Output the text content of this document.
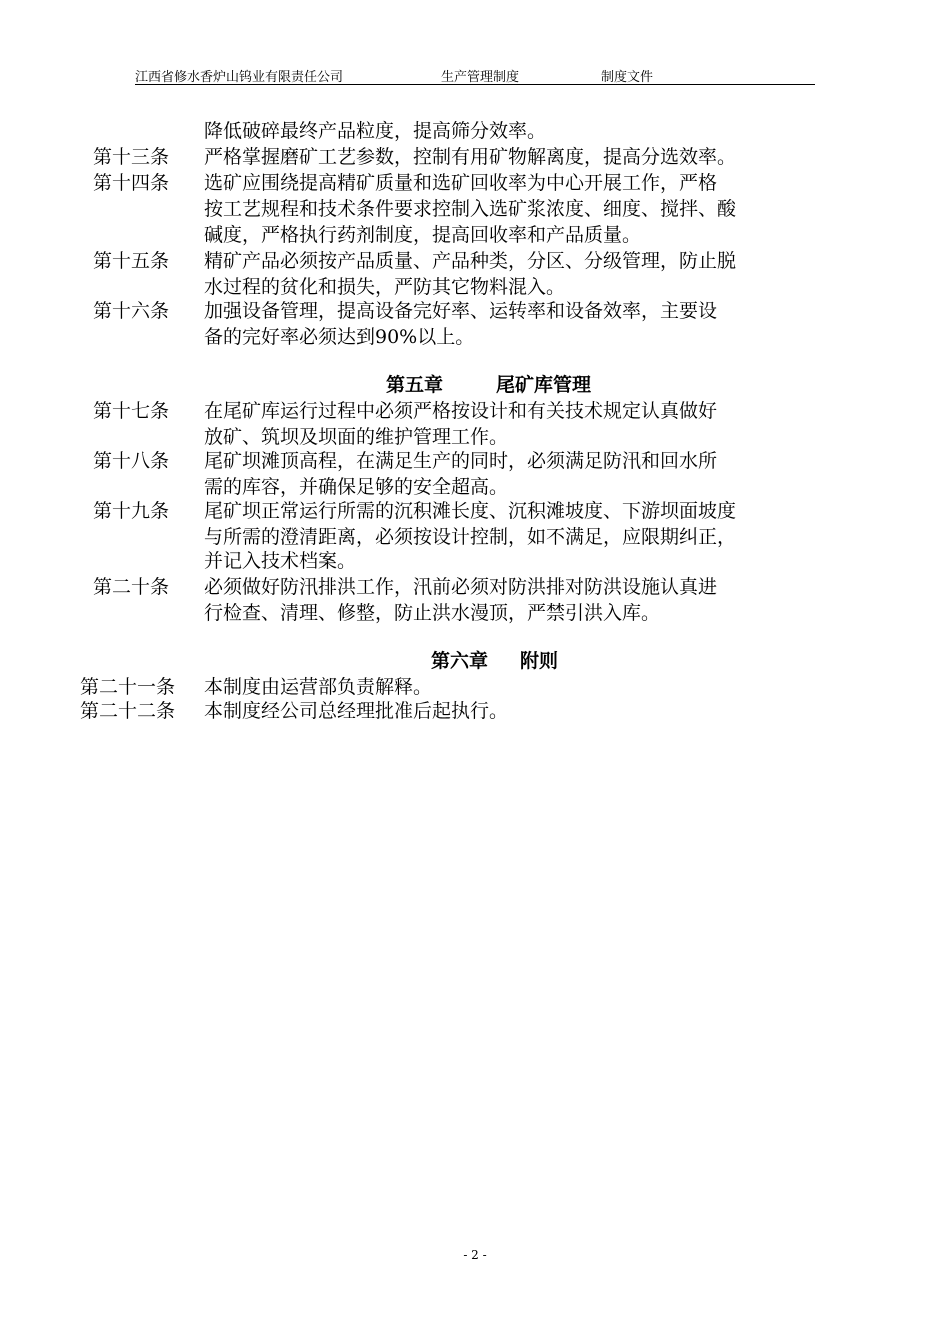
江西省修水香炉山钨业有限责任公司	生产管理制度	制度文件
降低破碎最终产品粒度，提高筛分效率。
第十三条 严格掌握磨矿工艺参数，控制有用矿物解离度，提高分选效率。
第十四条 选矿应围绕提高精矿质量和选矿回收率为中心开展工作，严格
按工艺规程和技术条件要求控制入选矿浆浓度、细度、搅拌、酸
碱度，严格执行药剂制度，提高回收率和产品质量。
第十五条 精矿产品必须按产品质量、产品种类，分区、分级管理，防止脱
水过程的贫化和损失，严防其它物料混入。
第十六条 加强设备管理，提高设备完好率、运转率和设备效率，主要设
备的完好率必须达到90%以上。
第五章	尾矿库管理
第十七条 在尾矿库运行过程中必须严格按设计和有关技术规定认真做好
放矿、筑坝及坝面的维护管理工作。
第十八条 尾矿坝滩顶高程，在满足生产的同时，必须满足防汛和回水所
需的库容，并确保足够的安全超高。
第十九条 尾矿坝正常运行所需的沉积滩长度、沉积滩坡度、下游坝面坡度
与所需的澄清距离，必须按设计控制，如不满足，应限期纠正，
并记入技术档案。
第二十条 必须做好防汛排洪工作，汛前必须对防洪排对防洪设施认真进
行检查、清理、修整，防止洪水漫顶，严禁引洪入库。
第六章 附则
第二十一条 本制度由运营部负责解释。
第二十二条 本制度经公司总经理批准后起执行。
- 2 -
